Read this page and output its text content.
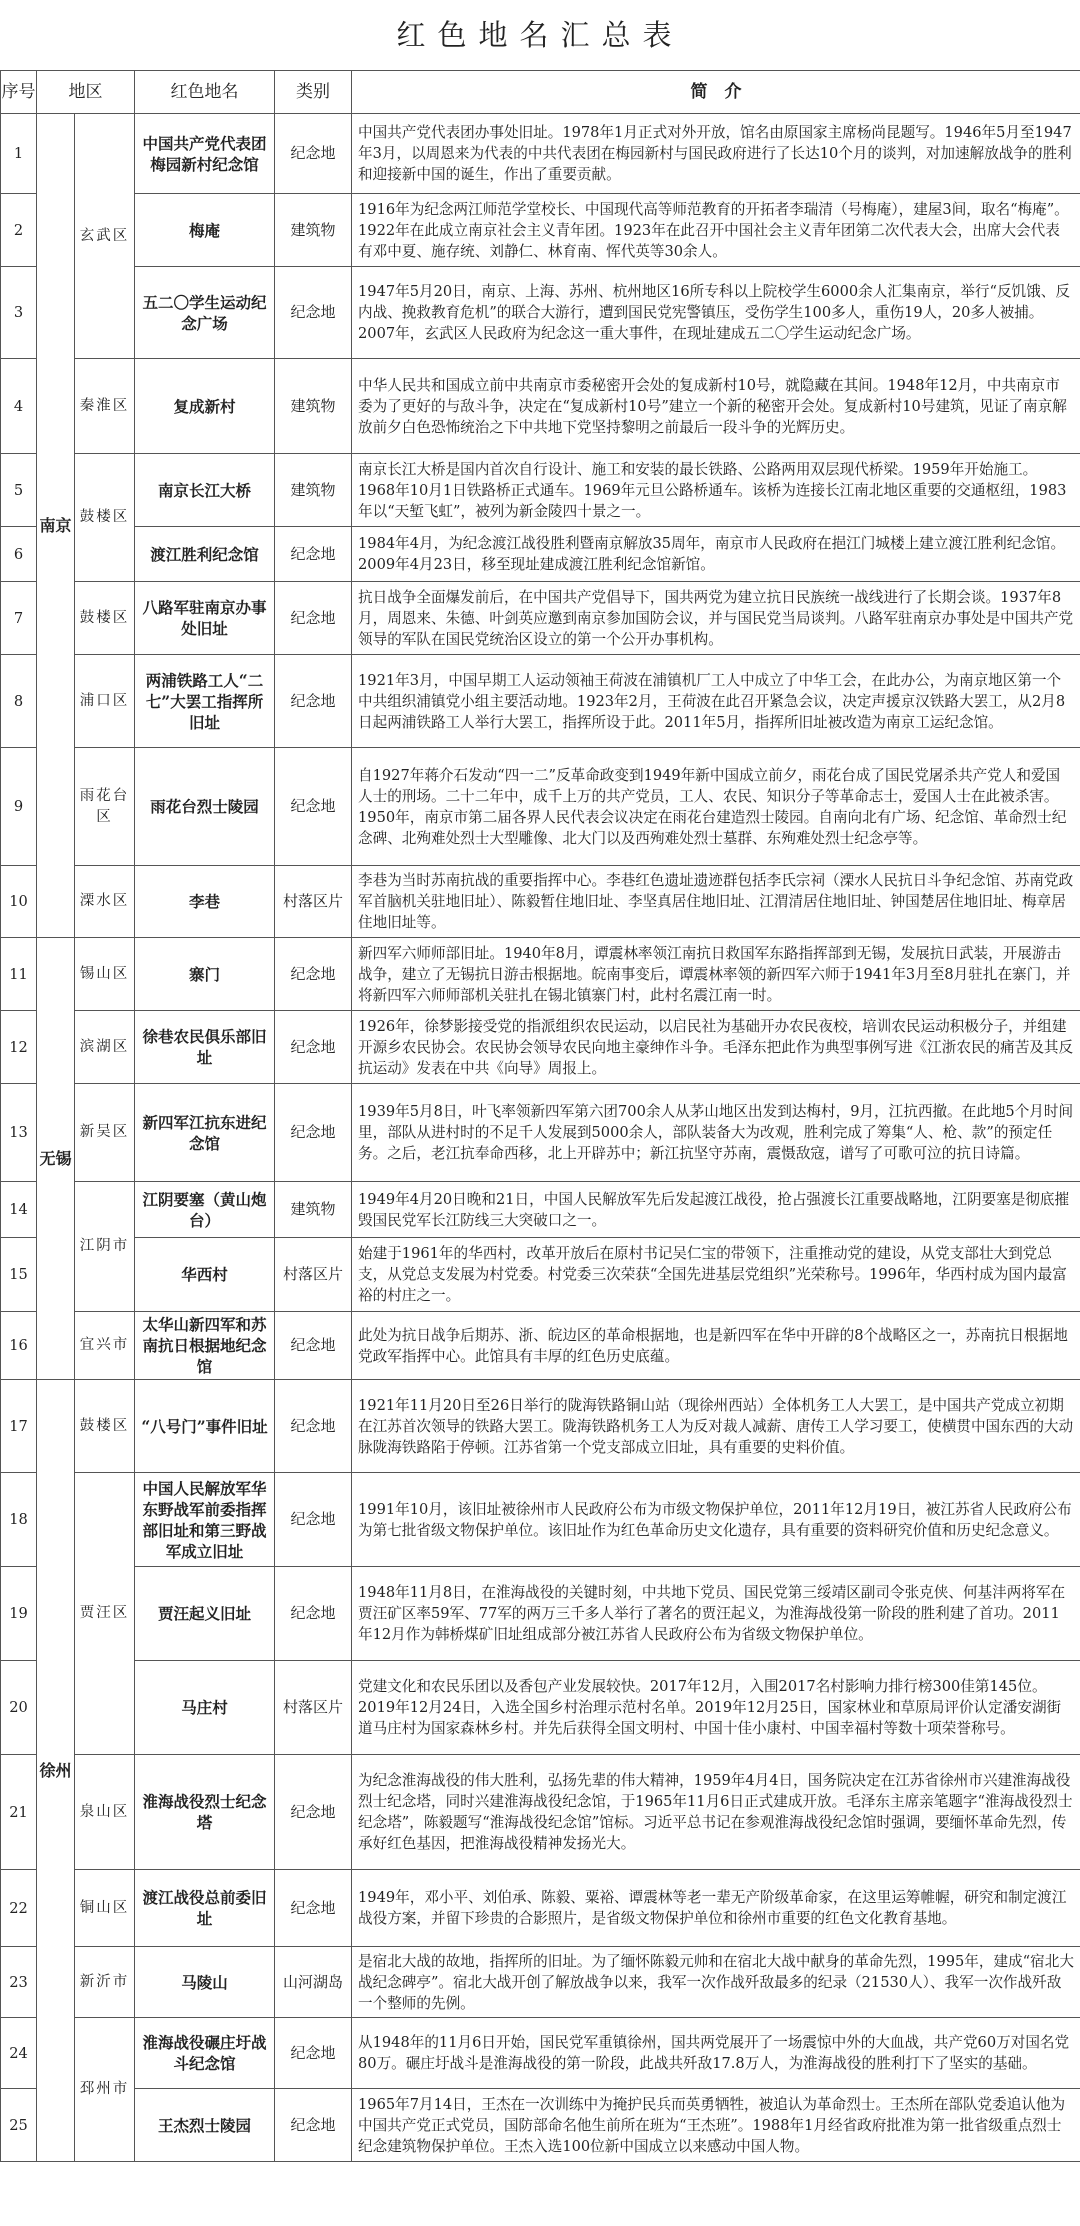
红色地名汇总表
序号	地区		红色地名	类别	简　介
1	南京	玄武区	中国共产党代表团梅园新村纪念馆	纪念地	中国共产党代表团办事处旧址。1978年1月正式对外开放，馆名由原国家主席杨尚昆题写。1946年5月至1947年3月，以周恩来为代表的中共代表团在梅园新村与国民政府进行了长达10个月的谈判，对加速解放战争的胜利和迎接新中国的诞生，作出了重要贡献。
2			梅庵	建筑物	1916年为纪念两江师范学堂校长、中国现代高等师范教育的开拓者李瑞清（号梅庵），建屋3间，取名“梅庵”。1922年在此成立南京社会主义青年团。1923年在此召开中国社会主义青年团第二次代表大会，出席大会代表有邓中夏、施存统、刘静仁、林育南、恽代英等30余人。
3			五二〇学生运动纪念广场	纪念地	1947年5月20日，南京、上海、苏州、杭州地区16所专科以上院校学生6000余人汇集南京，举行“反饥饿、反内战、挽救教育危机”的联合大游行，遭到国民党宪警镇压，受伤学生100多人，重伤19人，20多人被捕。2007年，玄武区人民政府为纪念这一重大事件，在现址建成五二〇学生运动纪念广场。
4		秦淮区	复成新村	建筑物	中华人民共和国成立前中共南京市委秘密开会处的复成新村10号，就隐藏在其间。1948年12月，中共南京市委为了更好的与敌斗争，决定在“复成新村10号”建立一个新的秘密开会处。复成新村10号建筑，见证了南京解放前夕白色恐怖统治之下中共地下党坚持黎明之前最后一段斗争的光辉历史。
5		鼓楼区	南京长江大桥	建筑物	南京长江大桥是国内首次自行设计、施工和安装的最长铁路、公路两用双层现代桥梁。1959年开始施工。1968年10月1日铁路桥正式通车。1969年元旦公路桥通车。该桥为连接长江南北地区重要的交通枢纽，1983年以“天堑飞虹”，被列为新金陵四十景之一。
6			渡江胜利纪念馆	纪念地	1984年4月，为纪念渡江战役胜利暨南京解放35周年，南京市人民政府在挹江门城楼上建立渡江胜利纪念馆。2009年4月23日，移至现址建成渡江胜利纪念馆新馆。
7		鼓楼区	八路军驻南京办事处旧址	纪念地	抗日战争全面爆发前后，在中国共产党倡导下，国共两党为建立抗日民族统一战线进行了长期会谈。1937年8月，周恩来、朱德、叶剑英应邀到南京参加国防会议，并与国民党当局谈判。八路军驻南京办事处是中国共产党领导的军队在国民党统治区设立的第一个公开办事机构。
8		浦口区	两浦铁路工人“二七”大罢工指挥所旧址	纪念地	1921年3月，中国早期工人运动领袖王荷波在浦镇机厂工人中成立了中华工会，在此办公，为南京地区第一个中共组织浦镇党小组主要活动地。1923年2月，王荷波在此召开紧急会议，决定声援京汉铁路大罢工，从2月8日起两浦铁路工人举行大罢工，指挥所设于此。2011年5月，指挥所旧址被改造为南京工运纪念馆。
9		雨花台区	雨花台烈士陵园	纪念地	自1927年蒋介石发动“四一二”反革命政变到1949年新中国成立前夕，雨花台成了国民党屠杀共产党人和爱国人士的刑场。二十二年中，成千上万的共产党员，工人、农民、知识分子等革命志士，爱国人士在此被杀害。1950年，南京市第二届各界人民代表会议决定在雨花台建造烈士陵园。自南向北有广场、纪念馆、革命烈士纪念碑、北殉难处烈士大型雕像、北大门以及西殉难处烈士墓群、东殉难处烈士纪念亭等。
10		溧水区	李巷	村落区片	李巷为当时苏南抗战的重要指挥中心。李巷红色遗址遗迹群包括李氏宗祠（溧水人民抗日斗争纪念馆、苏南党政军首脑机关驻地旧址）、陈毅暂住地旧址、李坚真居住地旧址、江渭清居住地旧址、钟国楚居住地旧址、梅章居住地旧址等。
11	无锡	锡山区	寨门	纪念地	新四军六师师部旧址。1940年8月，谭震林率领江南抗日救国军东路指挥部到无锡，发展抗日武装，开展游击战争，建立了无锡抗日游击根据地。皖南事变后，谭震林率领的新四军六师于1941年3月至8月驻扎在寨门，并将新四军六师师部机关驻扎在锡北镇寨门村，此村名震江南一时。
12		滨湖区	徐巷农民俱乐部旧址	纪念地	1926年，徐梦影接受党的指派组织农民运动，以启民社为基础开办农民夜校，培训农民运动积极分子，并组建开源乡农民协会。农民协会领导农民向地主豪绅作斗争。毛泽东把此作为典型事例写进《江浙农民的痛苦及其反抗运动》发表在中共《向导》周报上。
13		新吴区	新四军江抗东进纪念馆	纪念地	1939年5月8日，叶飞率领新四军第六团700余人从茅山地区出发到达梅村，9月，江抗西撤。在此地5个月时间里，部队从进村时的不足千人发展到5000余人，部队装备大为改观，胜利完成了筹集“人、枪、款”的预定任务。之后，老江抗奉命西移，北上开辟苏中；新江抗坚守苏南，震慑敌寇，谱写了可歌可泣的抗日诗篇。
14		江阴市	江阴要塞（黄山炮台）	建筑物	1949年4月20日晚和21日，中国人民解放军先后发起渡江战役，抢占强渡长江重要战略地，江阴要塞是彻底摧毁国民党军长江防线三大突破口之一。
15			华西村	村落区片	始建于1961年的华西村，改革开放后在原村书记吴仁宝的带领下，注重推动党的建设，从党支部壮大到党总支，从党总支发展为村党委。村党委三次荣获“全国先进基层党组织”光荣称号。1996年，华西村成为国内最富裕的村庄之一。
16		宜兴市	太华山新四军和苏南抗日根据地纪念馆	纪念地	此处为抗日战争后期苏、浙、皖边区的革命根据地，也是新四军在华中开辟的8个战略区之一，苏南抗日根据地党政军指挥中心。此馆具有丰厚的红色历史底蕴。
17	徐州	鼓楼区	“八号门”事件旧址	纪念地	1921年11月20日至26日举行的陇海铁路铜山站（现徐州西站）全体机务工人大罢工，是中国共产党成立初期在江苏首次领导的铁路大罢工。陇海铁路机务工人为反对裁人减薪、唐传工人学习要工，使横贯中国东西的大动脉陇海铁路陷于停顿。江苏省第一个党支部成立旧址，具有重要的史料价值。
18		贾汪区	中国人民解放军华东野战军前委指挥部旧址和第三野战军成立旧址	纪念地	1991年10月，该旧址被徐州市人民政府公布为市级文物保护单位，2011年12月19日，被江苏省人民政府公布为第七批省级文物保护单位。该旧址作为红色革命历史文化遗存，具有重要的资料研究价值和历史纪念意义。
19			贾汪起义旧址	纪念地	1948年11月8日，在淮海战役的关键时刻，中共地下党员、国民党第三绥靖区副司令张克侠、何基沣两将军在贾汪矿区率59军、77军的两万三千多人举行了著名的贾汪起义，为淮海战役第一阶段的胜利建了首功。2011年12月作为韩桥煤矿旧址组成部分被江苏省人民政府公布为省级文物保护单位。
20			马庄村	村落区片	党建文化和农民乐团以及香包产业发展较快。2017年12月，入围2017名村影响力排行榜300佳第145位。2019年12月24日，入选全国乡村治理示范村名单。2019年12月25日，国家林业和草原局评价认定潘安湖街道马庄村为国家森林乡村。并先后获得全国文明村、中国十佳小康村、中国幸福村等数十项荣誉称号。
21		泉山区	淮海战役烈士纪念塔	纪念地	为纪念淮海战役的伟大胜利，弘扬先辈的伟大精神，1959年4月4日，国务院决定在江苏省徐州市兴建淮海战役烈士纪念塔，同时兴建淮海战役纪念馆，于1965年11月6日正式建成开放。毛泽东主席亲笔题字“淮海战役烈士纪念塔”，陈毅题写“淮海战役纪念馆”馆标。习近平总书记在参观淮海战役纪念馆时强调，要缅怀革命先烈，传承好红色基因，把淮海战役精神发扬光大。
22		铜山区	渡江战役总前委旧址	纪念地	1949年，邓小平、刘伯承、陈毅、粟裕、谭震林等老一辈无产阶级革命家，在这里运筹帷幄，研究和制定渡江战役方案，并留下珍贵的合影照片，是省级文物保护单位和徐州市重要的红色文化教育基地。
23		新沂市	马陵山	山河湖岛	是宿北大战的故地，指挥所的旧址。为了缅怀陈毅元帅和在宿北大战中献身的革命先烈，1995年，建成“宿北大战纪念碑亭”。宿北大战开创了解放战争以来，我军一次作战歼敌最多的纪录（21530人）、我军一次作战歼敌一个整师的先例。
24		邳州市	淮海战役碾庄圩战斗纪念馆	纪念地	从1948年的11月6日开始，国民党军重镇徐州，国共两党展开了一场震惊中外的大血战，共产党60万对国名党80万。碾庄圩战斗是淮海战役的第一阶段，此战共歼敌17.8万人，为淮海战役的胜利打下了坚实的基础。
25			王杰烈士陵园	纪念地	1965年7月14日，王杰在一次训练中为掩护民兵而英勇牺牲，被追认为革命烈士。王杰所在部队党委追认他为中国共产党正式党员，国防部命名他生前所在班为“王杰班”。1988年1月经省政府批准为第一批省级重点烈士纪念建筑物保护单位。王杰入选100位新中国成立以来感动中国人物。
